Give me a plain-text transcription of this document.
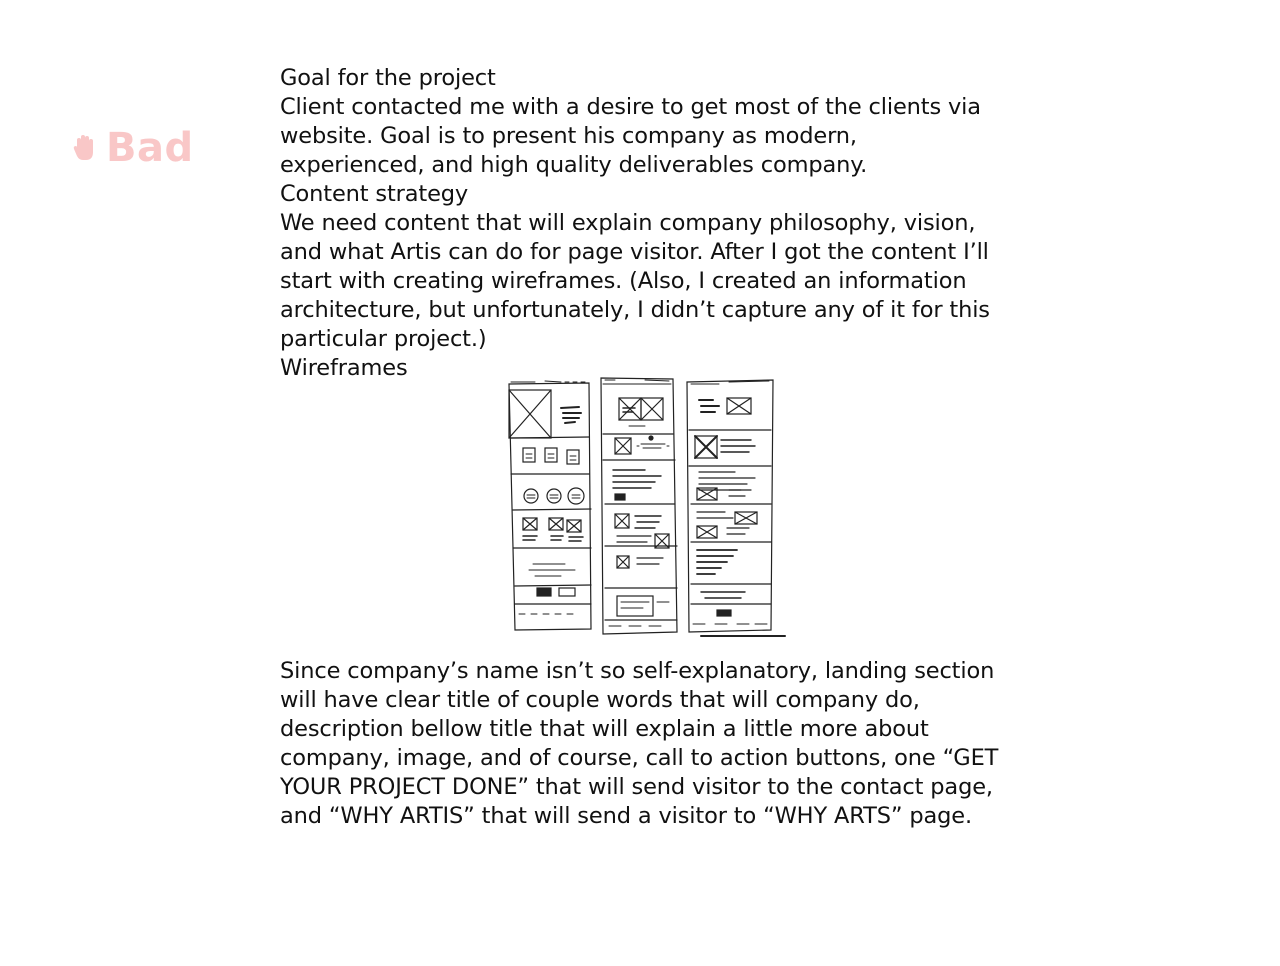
Bad

Goal for the project

Client contacted me with a desire to get most of the clients via website. Goal is to present his company as modern, experienced, and high quality deliverables company.

Content strategy

We need content that will explain company philosophy, vision, and what Artis can do for page visitor. After I got the content I’ll start with creating wireframes. (Also, I created an information architecture, but unfortunately, I didn’t capture any of it for this particular project.)

Wireframes

Since company’s name isn’t so self-explanatory, landing section will have clear title of couple words that will company do, description bellow title that will explain a little more about company, image, and of course, call to action buttons, one “GET YOUR PROJECT DONE” that will send visitor to the contact page, and “WHY ARTIS” that will send a visitor to “WHY ARTS” page.
